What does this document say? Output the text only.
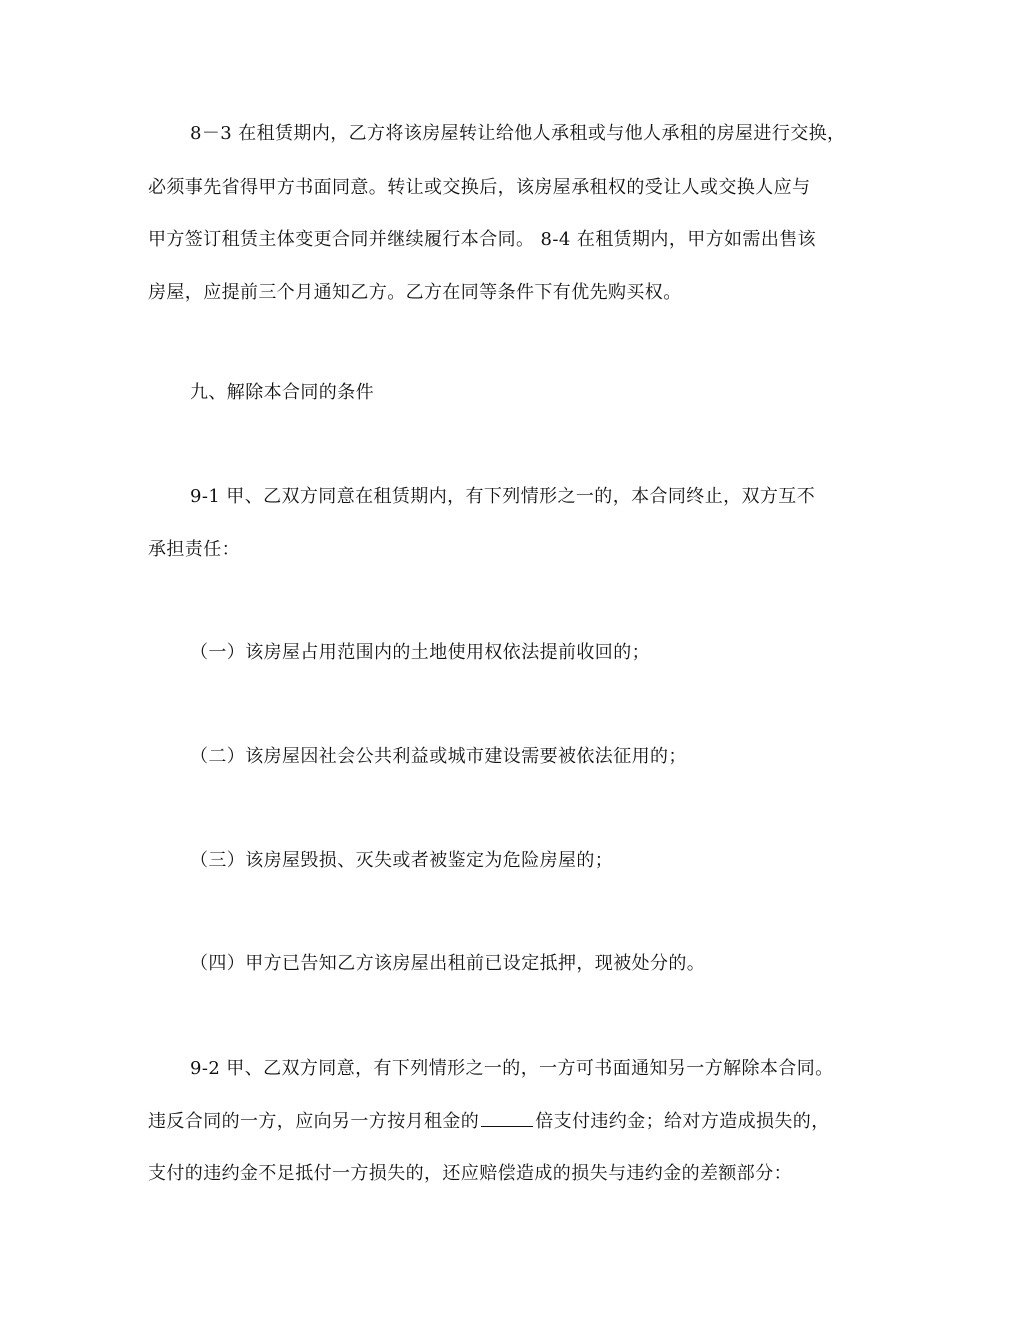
8－3 在租赁期内，乙方将该房屋转让给他人承租或与他人承租的房屋进行交换，
必须事先省得甲方书面同意。转让或交换后，该房屋承租权的受让人或交换人应与
甲方签订租赁主体变更合同并继续履行本合同。 8-4 在租赁期内，甲方如需出售该
房屋，应提前三个月通知乙方。乙方在同等条件下有优先购买权。
九、解除本合同的条件
9-1 甲、乙双方同意在租赁期内，有下列情形之一的，本合同终止，双方互不
承担责任：
（一）该房屋占用范围内的土地使用权依法提前收回的；
（二）该房屋因社会公共利益或城市建设需要被依法征用的；
（三）该房屋毁损、灭失或者被鉴定为危险房屋的；
（四）甲方已告知乙方该房屋出租前已设定抵押，现被处分的。
9-2 甲、乙双方同意，有下列情形之一的，一方可书面通知另一方解除本合同。
违反合同的一方，应向另一方按月租金的	倍支付违约金；给对方造成损失的，
支付的违约金不足抵付一方损失的，还应赔偿造成的损失与违约金的差额部分：
